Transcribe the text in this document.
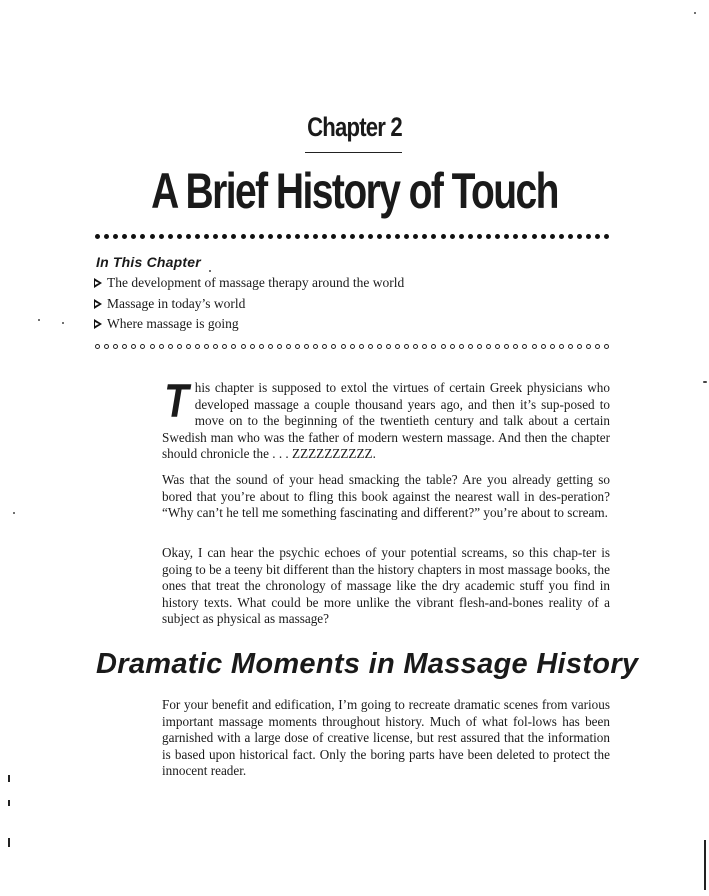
Chapter 2
A Brief History of Touch
In This Chapter
The development of massage therapy around the world
Massage in today’s world
Where massage is going

This chapter is supposed to extol the virtues of certain Greek physicians who developed massage a couple thousand years ago, and then it’s sup-posed to move on to the beginning of the twentieth century and talk about a certain Swedish man who was the father of modern western massage. And then the chapter should chronicle the . . . ZZZZZZZZZZ.

Was that the sound of your head smacking the table? Are you already getting so bored that you’re about to fling this book against the nearest wall in des-peration? “Why can’t he tell me something fascinating and different?” you’re about to scream.

Okay, I can hear the psychic echoes of your potential screams, so this chap-ter is going to be a teeny bit different than the history chapters in most massage books, the ones that treat the chronology of massage like the dry academic stuff you find in history texts. What could be more unlike the vibrant flesh-and-bones reality of a subject as physical as massage?

Dramatic Moments in Massage History

For your benefit and edification, I’m going to recreate dramatic scenes from various important massage moments throughout history. Much of what fol-lows has been garnished with a large dose of creative license, but rest assured that the information is based upon historical fact. Only the boring parts have been deleted to protect the innocent reader.
